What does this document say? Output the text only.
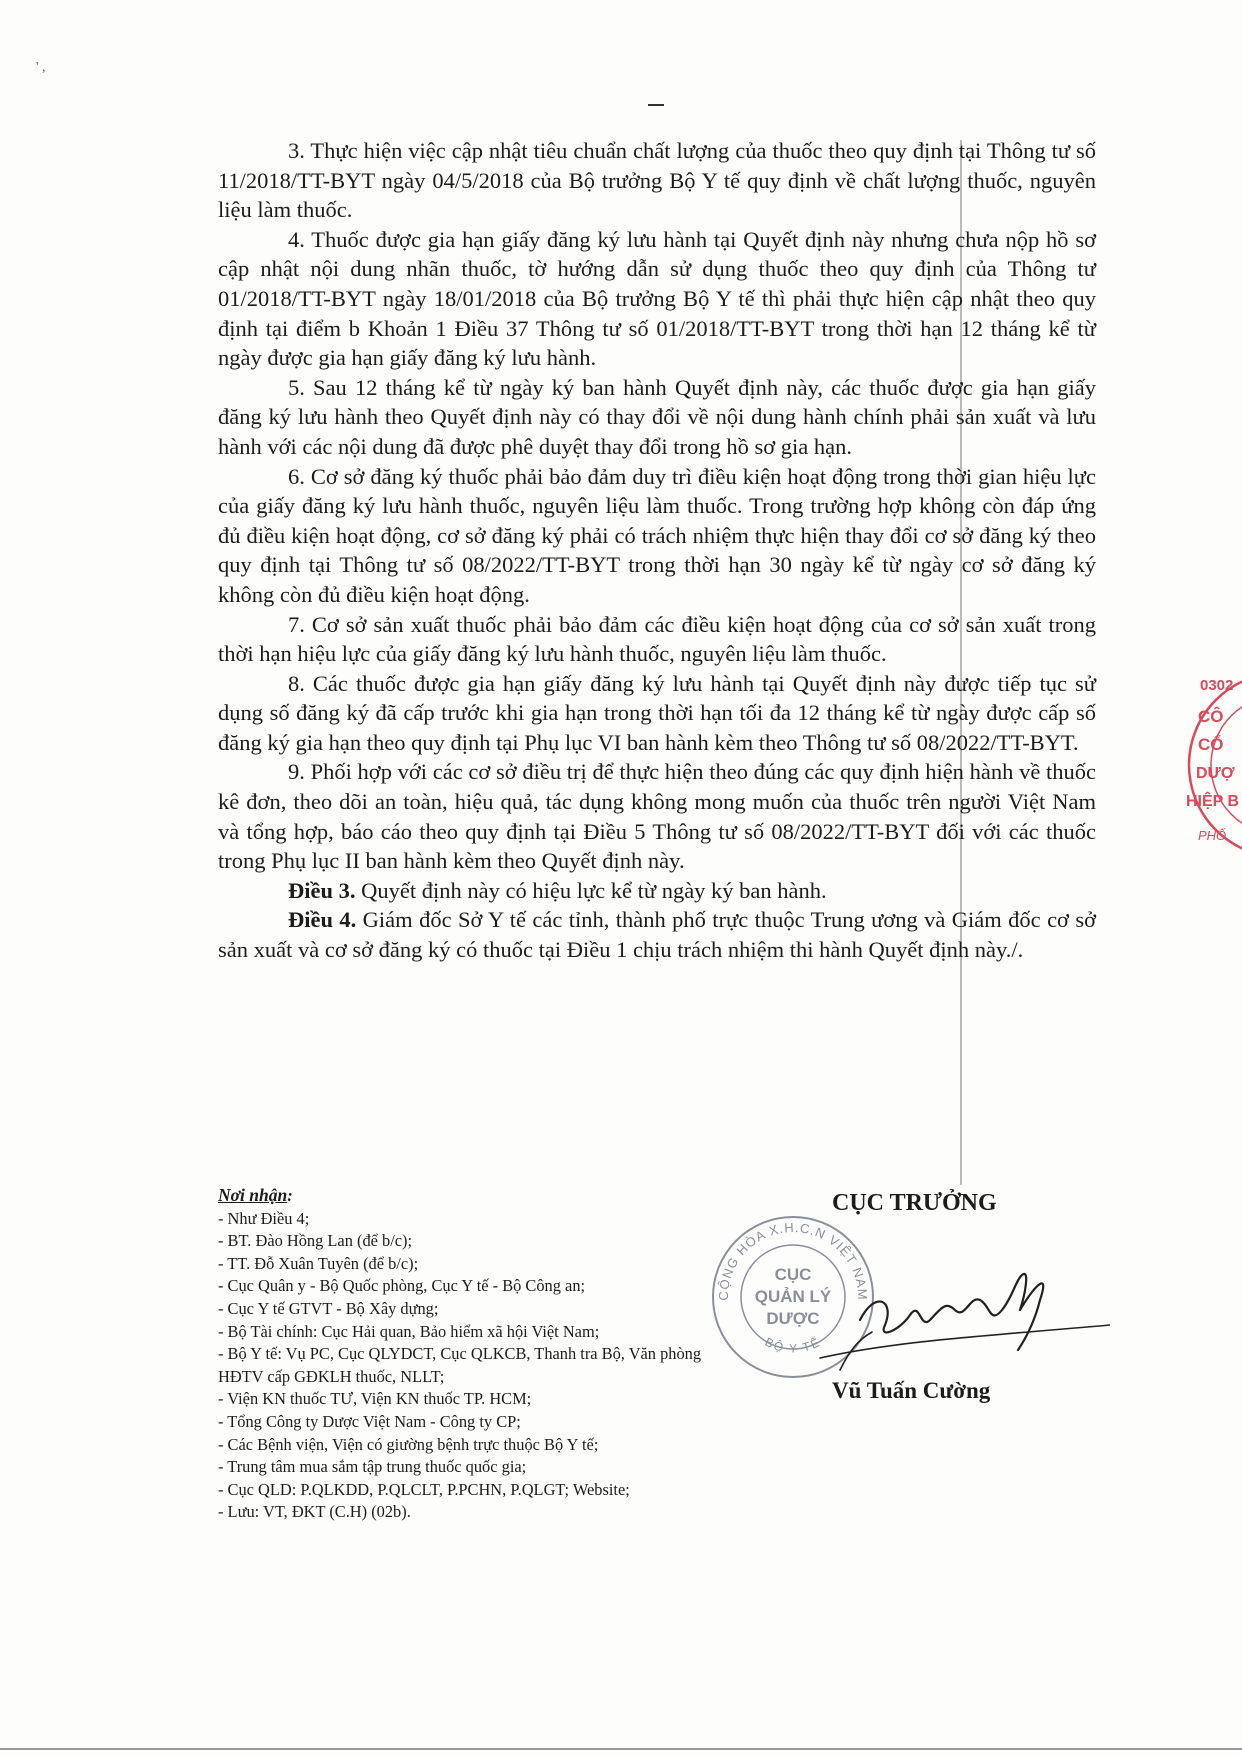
' ,

3. Thực hiện việc cập nhật tiêu chuẩn chất lượng của thuốc theo quy định tại Thông tư số 11/2018/TT-BYT ngày 04/5/2018 của Bộ trưởng Bộ Y tế quy định về chất lượng thuốc, nguyên liệu làm thuốc.

4. Thuốc được gia hạn giấy đăng ký lưu hành tại Quyết định này nhưng chưa nộp hồ sơ cập nhật nội dung nhãn thuốc, tờ hướng dẫn sử dụng thuốc theo quy định của Thông tư 01/2018/TT-BYT ngày 18/01/2018 của Bộ trưởng Bộ Y tế thì phải thực hiện cập nhật theo quy định tại điểm b Khoản 1 Điều 37 Thông tư số 01/2018/TT-BYT trong thời hạn 12 tháng kể từ ngày được gia hạn giấy đăng ký lưu hành.

5. Sau 12 tháng kể từ ngày ký ban hành Quyết định này, các thuốc được gia hạn giấy đăng ký lưu hành theo Quyết định này có thay đổi về nội dung hành chính phải sản xuất và lưu hành với các nội dung đã được phê duyệt thay đổi trong hồ sơ gia hạn.

6. Cơ sở đăng ký thuốc phải bảo đảm duy trì điều kiện hoạt động trong thời gian hiệu lực của giấy đăng ký lưu hành thuốc, nguyên liệu làm thuốc. Trong trường hợp không còn đáp ứng đủ điều kiện hoạt động, cơ sở đăng ký phải có trách nhiệm thực hiện thay đổi cơ sở đăng ký theo quy định tại Thông tư số 08/2022/TT-BYT trong thời hạn 30 ngày kể từ ngày cơ sở đăng ký không còn đủ điều kiện hoạt động.

7. Cơ sở sản xuất thuốc phải bảo đảm các điều kiện hoạt động của cơ sở sản xuất trong thời hạn hiệu lực của giấy đăng ký lưu hành thuốc, nguyên liệu làm thuốc.

8. Các thuốc được gia hạn giấy đăng ký lưu hành tại Quyết định này được tiếp tục sử dụng số đăng ký đã cấp trước khi gia hạn trong thời hạn tối đa 12 tháng kể từ ngày được cấp số đăng ký gia hạn theo quy định tại Phụ lục VI ban hành kèm theo Thông tư số 08/2022/TT-BYT.

9. Phối hợp với các cơ sở điều trị để thực hiện theo đúng các quy định hiện hành về thuốc kê đơn, theo dõi an toàn, hiệu quả, tác dụng không mong muốn của thuốc trên người Việt Nam và tổng hợp, báo cáo theo quy định tại Điều 5 Thông tư số 08/2022/TT-BYT đối với các thuốc trong Phụ lục II ban hành kèm theo Quyết định này.

Điều 3. Quyết định này có hiệu lực kể từ ngày ký ban hành.

Điều 4. Giám đốc Sở Y tế các tỉnh, thành phố trực thuộc Trung ương và Giám đốc cơ sở sản xuất và cơ sở đăng ký có thuốc tại Điều 1 chịu trách nhiệm thi hành Quyết định này./.

Nơi nhận:
- Như Điều 4;
- BT. Đào Hồng Lan (để b/c);
- TT. Đỗ Xuân Tuyên (để b/c);
- Cục Quân y - Bộ Quốc phòng, Cục Y tế - Bộ Công an;
- Cục Y tế GTVT - Bộ Xây dựng;
- Bộ Tài chính: Cục Hải quan, Bảo hiểm xã hội Việt Nam;
- Bộ Y tế: Vụ PC, Cục QLYDCT, Cục QLKCB, Thanh tra Bộ, Văn phòng HĐTV cấp GĐKLH thuốc, NLLT;
- Viện KN thuốc TƯ, Viện KN thuốc TP. HCM;
- Tổng Công ty Dược Việt Nam - Công ty CP;
- Các Bệnh viện, Viện có giường bệnh trực thuộc Bộ Y tế;
- Trung tâm mua sắm tập trung thuốc quốc gia;
- Cục QLD: P.QLKDD, P.QLCLT, P.PCHN, P.QLGT; Website;
- Lưu: VT, ĐKT (C.H) (02b).
CỘNG HÒA X.H.C.N VIỆT NAM
BỘ Y TẾ
CỤC
QUẢN LÝ
DƯỢC
CỤC TRƯỞNG
Vũ Tuấn Cường
0302
CÔ
CỔ
DƯỢ
HIỆP B
PHỐ
